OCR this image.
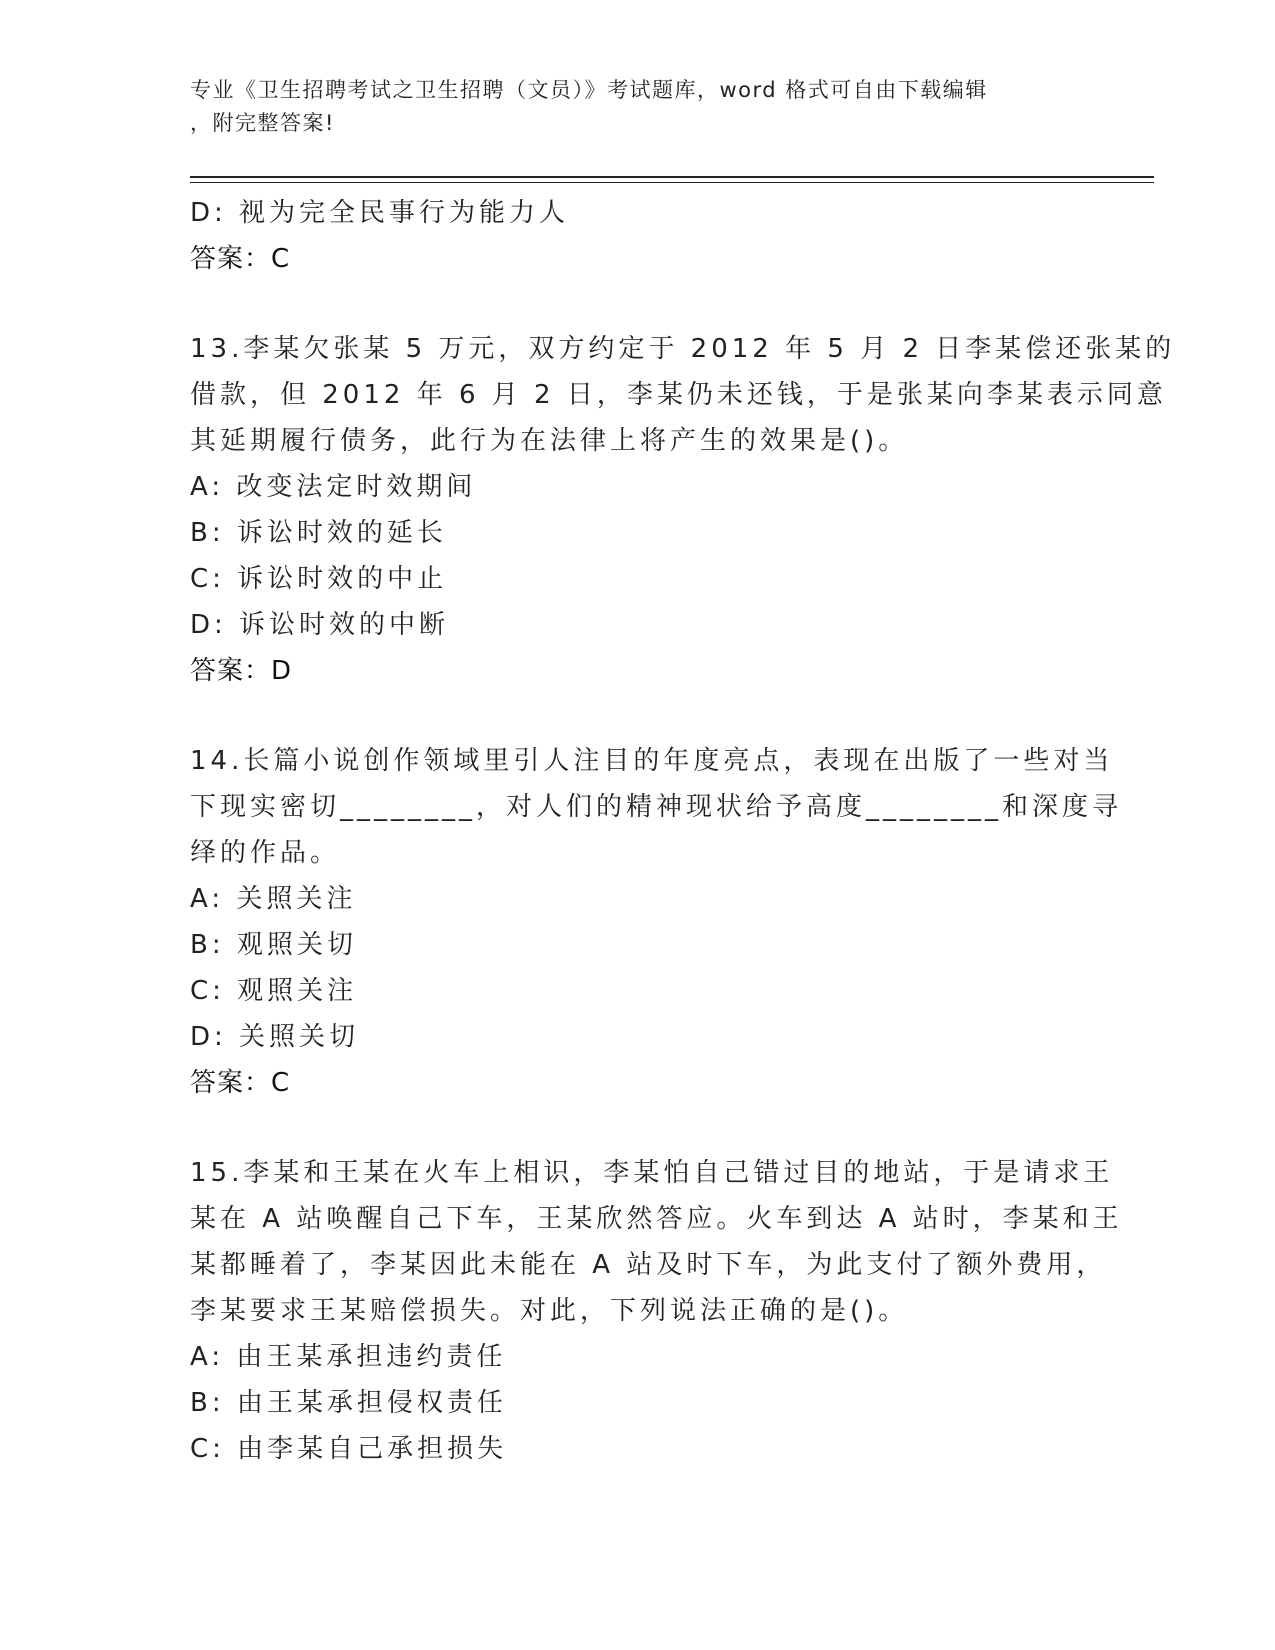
专业《卫生招聘考试之卫生招聘（文员）》考试题库，word 格式可自由下载编辑
，附完整答案!
D: 视为完全民事行为能力人
答案：C
13.李某欠张某 5 万元，双方约定于 2012 年 5 月 2 日李某偿还张某的
借款，但 2012 年 6 月 2 日，李某仍未还钱，于是张某向李某表示同意
其延期履行债务，此行为在法律上将产生的效果是()。
A: 改变法定时效期间
B: 诉讼时效的延长
C: 诉讼时效的中止
D: 诉讼时效的中断
答案：D
14.长篇小说创作领域里引人注目的年度亮点，表现在出版了一些对当
下现实密切________，对人们的精神现状给予高度________和深度寻
绎的作品。
A: 关照关注
B: 观照关切
C: 观照关注
D: 关照关切
答案：C
15.李某和王某在火车上相识，李某怕自己错过目的地站，于是请求王
某在 A 站唤醒自己下车，王某欣然答应。火车到达 A 站时，李某和王
某都睡着了，李某因此未能在 A 站及时下车，为此支付了额外费用，
李某要求王某赔偿损失。对此，下列说法正确的是()。
A: 由王某承担违约责任
B: 由王某承担侵权责任
C: 由李某自己承担损失
